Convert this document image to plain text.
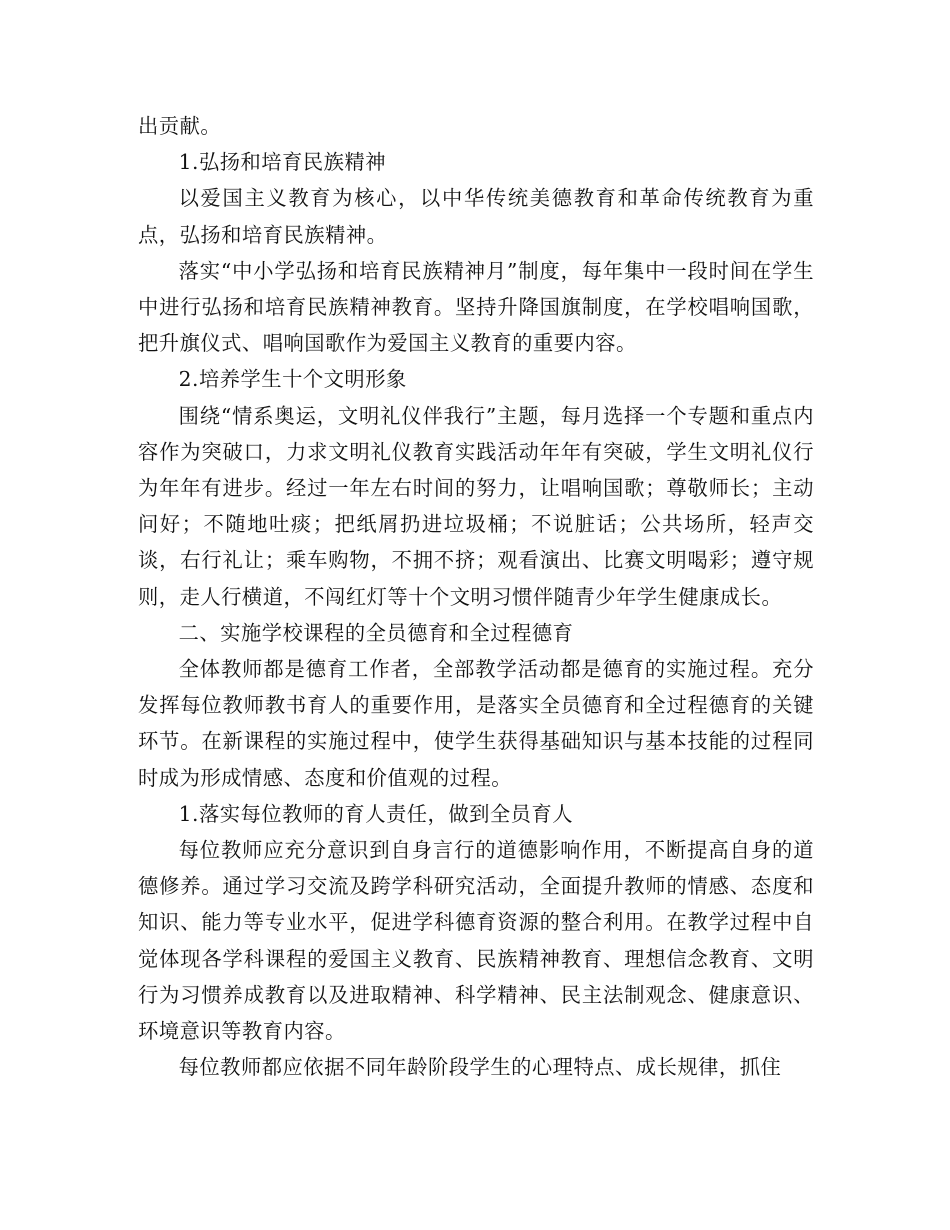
出贡献。

1.弘扬和培育民族精神

以爱国主义教育为核心，以中华传统美德教育和革命传统教育为重点，弘扬和培育民族精神。

落实“中小学弘扬和培育民族精神月”制度，每年集中一段时间在学生中进行弘扬和培育民族精神教育。坚持升降国旗制度，在学校唱响国歌，把升旗仪式、唱响国歌作为爱国主义教育的重要内容。

2.培养学生十个文明形象

围绕“情系奥运，文明礼仪伴我行”主题，每月选择一个专题和重点内容作为突破口，力求文明礼仪教育实践活动年年有突破，学生文明礼仪行为年年有进步。经过一年左右时间的努力，让唱响国歌；尊敬师长；主动问好；不随地吐痰；把纸屑扔进垃圾桶；不说脏话；公共场所，轻声交谈，右行礼让；乘车购物，不拥不挤；观看演出、比赛文明喝彩；遵守规则，走人行横道，不闯红灯等十个文明习惯伴随青少年学生健康成长。

二、实施学校课程的全员德育和全过程德育

全体教师都是德育工作者，全部教学活动都是德育的实施过程。充分发挥每位教师教书育人的重要作用，是落实全员德育和全过程德育的关键环节。在新课程的实施过程中，使学生获得基础知识与基本技能的过程同时成为形成情感、态度和价值观的过程。

1.落实每位教师的育人责任，做到全员育人

每位教师应充分意识到自身言行的道德影响作用，不断提高自身的道德修养。通过学习交流及跨学科研究活动，全面提升教师的情感、态度和知识、能力等专业水平，促进学科德育资源的整合利用。在教学过程中自觉体现各学科课程的爱国主义教育、民族精神教育、理想信念教育、文明行为习惯养成教育以及进取精神、科学精神、民主法制观念、健康意识、环境意识等教育内容。

每位教师都应依据不同年龄阶段学生的心理特点、成长规律，抓住
